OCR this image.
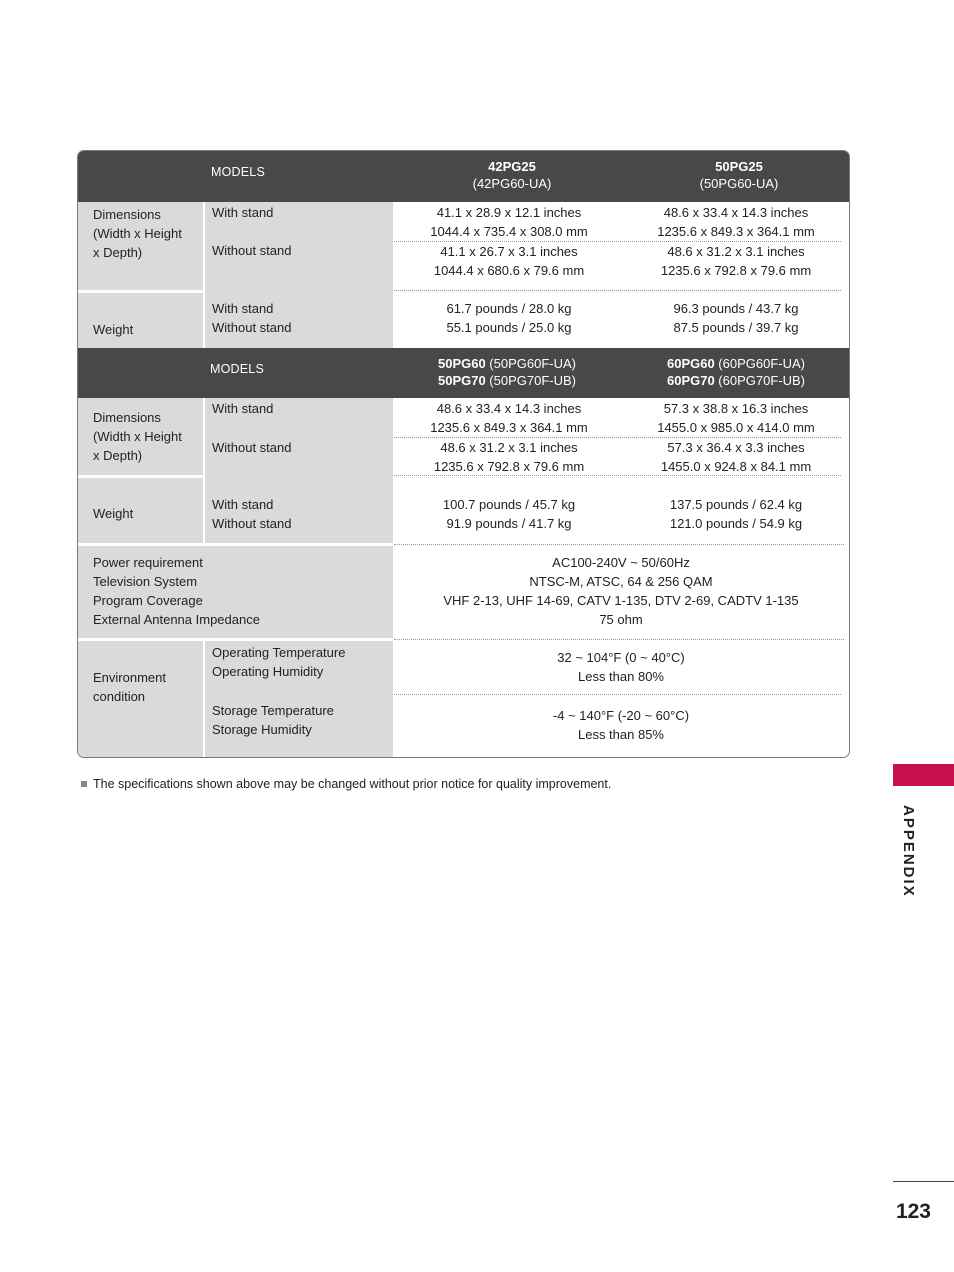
MODELS	42PG25
(42PG60-UA)
50PG25
(50PG60-UA)
Dimensions
(Width x Height
x Depth)
With stand
Without stand
Weight
With stand
Without stand
41.1 x 28.9 x 12.1 inches
1044.4 x 735.4 x 308.0 mm
48.6 x 33.4 x 14.3 inches
1235.6 x 849.3 x 364.1 mm
41.1 x 26.7 x 3.1 inches
1044.4 x 680.6 x 79.6 mm
48.6 x 31.2 x 3.1 inches
1235.6 x 792.8 x 79.6 mm
61.7 pounds / 28.0 kg
55.1 pounds / 25.0 kg
96.3 pounds / 43.7 kg
87.5 pounds / 39.7 kg
MODELS	50PG60 (50PG60F-UA)
50PG70 (50PG70F-UB)
60PG60 (60PG60F-UA)
60PG70 (60PG70F-UB)
Dimensions
(Width x Height
x Depth)
With stand
Without stand
Weight
With stand
Without stand
48.6 x 33.4 x 14.3 inches
1235.6 x 849.3 x 364.1 mm
57.3 x 38.8 x 16.3 inches
1455.0 x 985.0 x 414.0 mm
48.6 x 31.2 x 3.1 inches
1235.6 x 792.8 x 79.6 mm
57.3 x 36.4 x 3.3 inches
1455.0 x 924.8 x 84.1 mm
100.7 pounds / 45.7 kg
91.9 pounds / 41.7 kg
137.5 pounds / 62.4 kg
121.0 pounds / 54.9 kg
Power requirement
Television System
Program Coverage
External Antenna Impedance
AC100-240V ~ 50/60Hz
NTSC-M, ATSC, 64 & 256 QAM
VHF 2-13, UHF 14-69, CATV 1-135, DTV 2-69, CADTV 1-135
75 ohm
Environment
condition
Operating Temperature
Operating Humidity
Storage Temperature
Storage Humidity
32 ~ 104°F (0 ~ 40°C)
Less than 80%
-4 ~ 140°F (-20 ~ 60°C)
Less than 85%
The specifications shown above may be changed without prior notice for quality improvement.
APPENDIX
123
